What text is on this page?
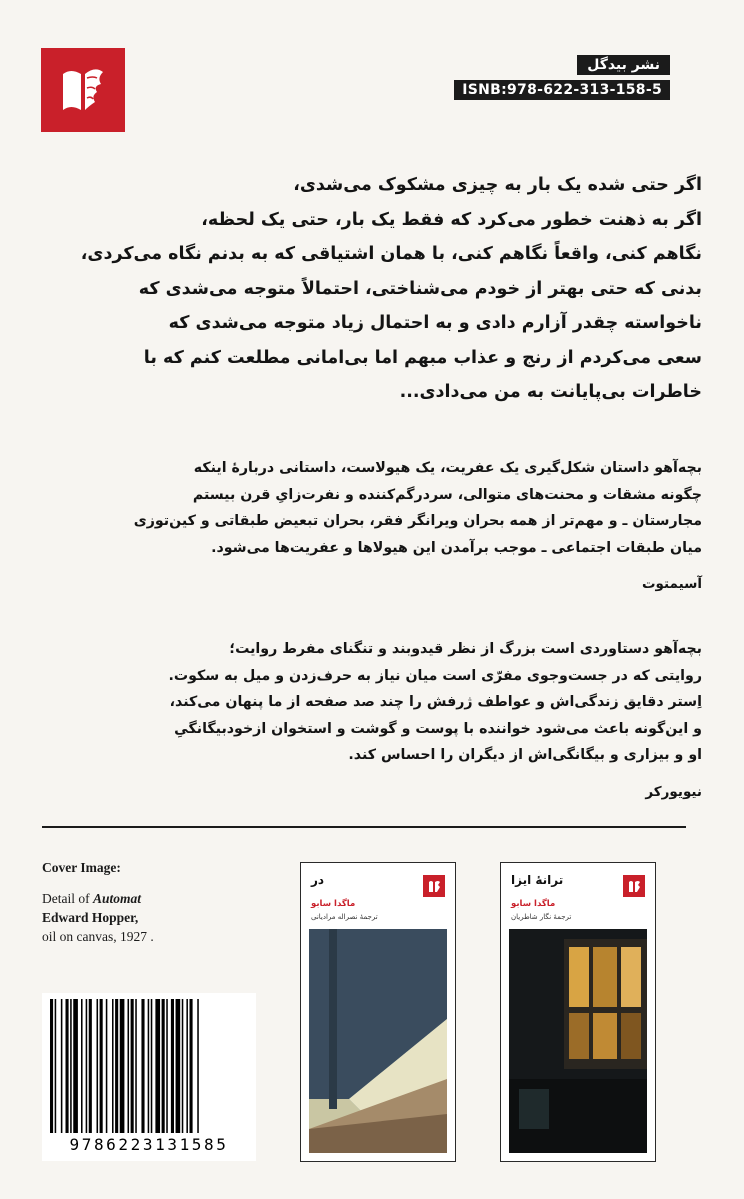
نشر بیدگل
ISNB:978-622-313-158-5
اگر حتی شده یک بار به چیزی مشکوک می‌شدی،
اگر به ذهنت خطور می‌کرد که فقط یک بار، حتی یک لحظه،
نگاهم کنی، واقعاً نگاهم کنی، با همان اشتیاقی که به بدنم نگاه می‌کردی،
بدنی که حتی بهتر از خودم می‌شناختی، احتمالاً متوجه می‌شدی که
ناخواسته چقدر آزارم دادی و به احتمال زیاد متوجه می‌شدی که
سعی می‌کردم از رنج و عذاب مبهم اما بی‌امانی مطلعت کنم که با
خاطرات بی‌پایانت به من می‌دادی...
بچه‌آهو داستان شکل‌گیری یک عفریت، یک هیولاست، داستانی دربارهٔ اینکه
چگونه مشقات و محنت‌های متوالی، سردرگم‌کننده و نفرت‌زایِ قرن بیستم
مجارستان ـ و مهم‌تر از همه بحران ویرانگر فقر، بحران تبعیض طبقاتی و کین‌توزی
میان طبقات اجتماعی ـ موجب برآمدن این هیولاها و عفریت‌ها می‌شود.
آسیمتوت
بچه‌آهو دستاوردی است بزرگ از نظر قیدوبند و تنگنای مفرط روایت؛
روایتی که در جست‌وجوی مفرّی است میان نیاز به حرف‌زدن و میل به سکوت.
اِستر دقایق زندگی‌اش و عواطف ژرفش را چند صد صفحه از ما پنهان می‌کند،
و این‌گونه باعث می‌شود خواننده با پوست و گوشت و استخوان ازخودبیگانگیِ
او و بیزاری و بیگانگی‌اش از دیگران را احساس کند.
نیویورکر
Cover Image:
Detail of Automat
Edward Hopper,
oil on canvas, 1927 .
9786223131585
در
ماگدا سابو
ترجمهٔ نصراله مرادیانی
ترانهٔ ایزا
ماگدا سابو
ترجمهٔ نگار شاطریان
